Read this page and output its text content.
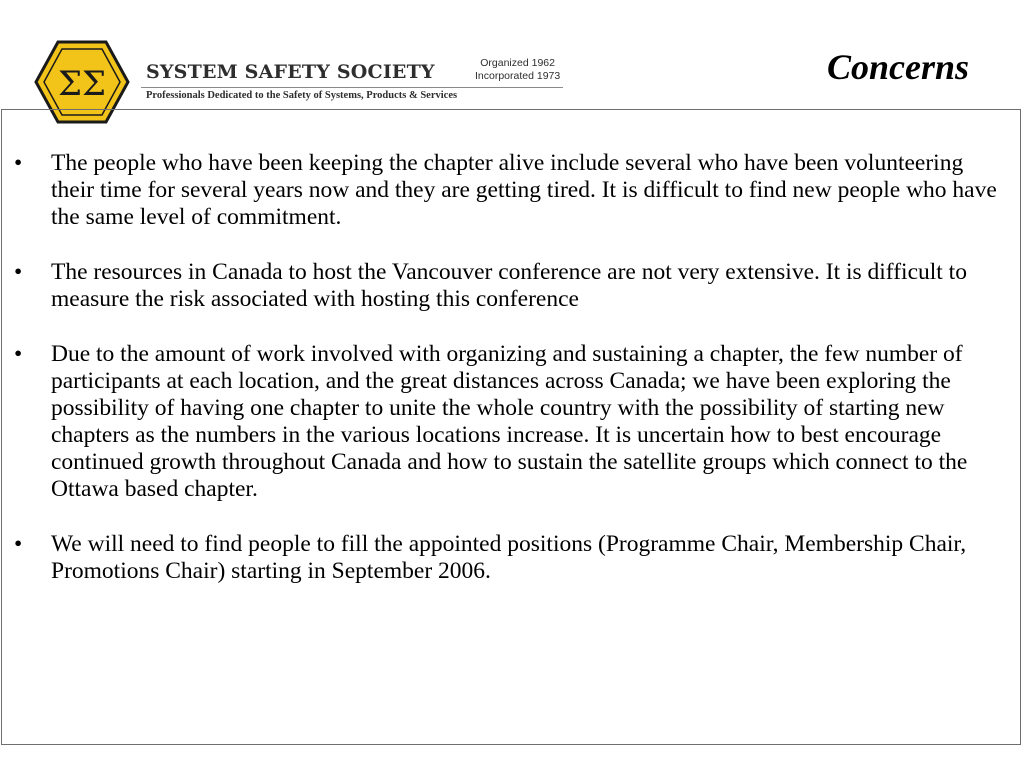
ΣΣ SYSTEM SAFETY SOCIETY	Organized 1962
Incorporated 1973
Professionals Dedicated to the Safety of Systems, Products & Services
Concerns
• The people who have been keeping the chapter alive include several who have been volunteering their time for several years now and they are getting tired. It is difficult to find new people who have the same level of commitment.
• The resources in Canada to host the Vancouver conference are not very extensive. It is difficult to measure the risk associated with hosting this conference
• Due to the amount of work involved with organizing and sustaining a chapter, the few number of participants at each location, and the great distances across Canada; we have been exploring the possibility of having one chapter to unite the whole country with the possibility of starting new chapters as the numbers in the various locations increase. It is uncertain how to best encourage continued growth throughout Canada and how to sustain the satellite groups which connect to the Ottawa based chapter.
• We will need to find people to fill the appointed positions (Programme Chair, Membership Chair, Promotions Chair) starting in September 2006.
